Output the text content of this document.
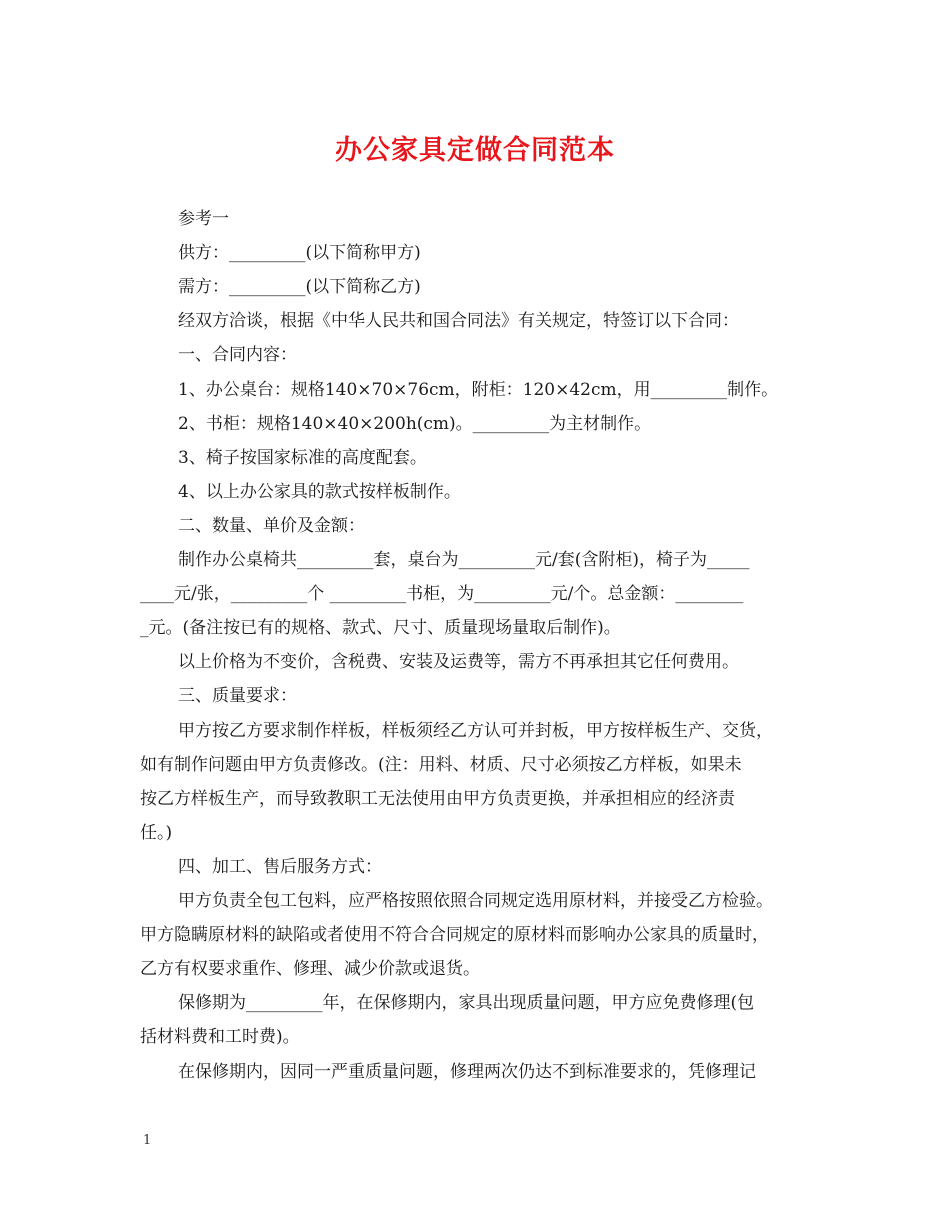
办公家具定做合同范本
参考一
供方：_________(以下简称甲方)
需方：_________(以下简称乙方)
经双方洽谈，根据《中华人民共和国合同法》有关规定，特签订以下合同：
一、合同内容：
1、办公桌台：规格140×70×76cm，附柜：120×42cm，用_________制作。
2、书柜：规格140×40×200h(cm)。_________为主材制作。
3、椅子按国家标准的高度配套。
4、以上办公家具的款式按样板制作。
二、数量、单价及金额：
制作办公桌椅共_________套，桌台为_________元/套(含附柜)，椅子为_____
____元/张，_________个 _________书柜，为_________元/个。总金额：________
_元。(备注按已有的规格、款式、尺寸、质量现场量取后制作)。
以上价格为不变价，含税费、安装及运费等，需方不再承担其它任何费用。
三、质量要求：
甲方按乙方要求制作样板，样板须经乙方认可并封板，甲方按样板生产、交货，
如有制作问题由甲方负责修改。(注：用料、材质、尺寸必须按乙方样板，如果未
按乙方样板生产，而导致教职工无法使用由甲方负责更换，并承担相应的经济责
任。)
四、加工、售后服务方式：
甲方负责全包工包料，应严格按照依照合同规定选用原材料，并接受乙方检验。
甲方隐瞒原材料的缺陷或者使用不符合合同规定的原材料而影响办公家具的质量时，
乙方有权要求重作、修理、减少价款或退货。
保修期为_________年，在保修期内，家具出现质量问题，甲方应免费修理(包
括材料费和工时费)。
在保修期内，因同一严重质量问题，修理两次仍达不到标准要求的，凭修理记
1
